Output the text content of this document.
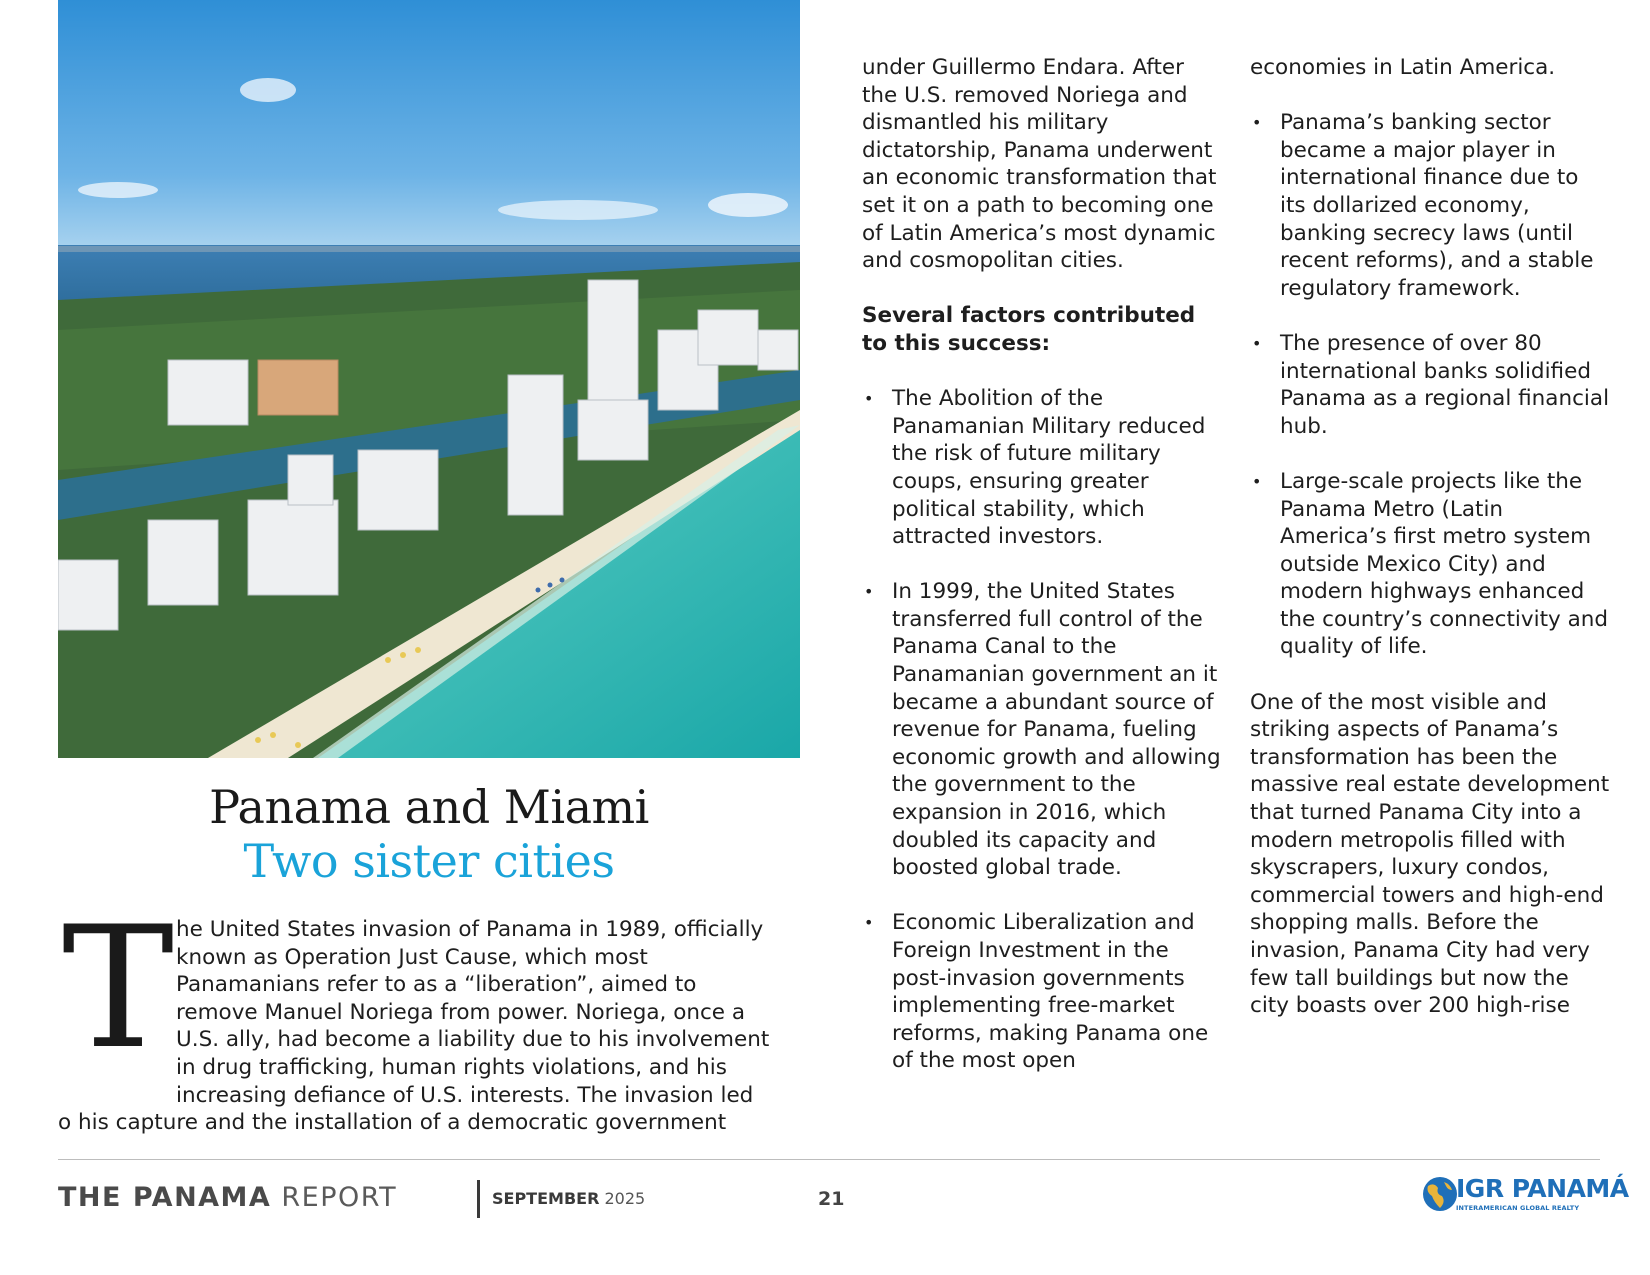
Panama and Miami
Two sister cities
T he United States invasion of Panama in 1989, officially
known as Operation Just Cause, which most
Panamanians refer to as a “liberation”, aimed to
remove Manuel Noriega from power. Noriega, once a
U.S. ally, had become a liability due to his involvement
in drug trafficking, human rights violations, and his
increasing defiance of U.S. interests. The invasion led
o his capture and the installation of a democratic government
under Guillermo Endara. After the U.S. removed Noriega and dismantled his military dictatorship, Panama underwent an economic transformation that set it on a path to becoming one of Latin America’s most dynamic and cosmopolitan cities.
Several factors contributed to this success:
• The Abolition of the Panamanian Military reduced the risk of future military coups, ensuring greater political stability, which attracted investors.
• In 1999, the United States transferred full control of the Panama Canal to the Panamanian government an it became a abundant source of revenue for Panama, fueling economic growth and allowing the government to the expansion in 2016, which doubled its capacity and boosted global trade.
• Economic Liberalization and Foreign Investment in the post-invasion governments implementing free-market reforms, making Panama one of the most open
economies in Latin America.
• Panama’s banking sector became a major player in international finance due to its dollarized economy, banking secrecy laws (until recent reforms), and a stable regulatory framework.
• The presence of over 80 international banks solidified Panama as a regional financial hub.
• Large-scale projects like the Panama Metro (Latin America’s first metro system outside Mexico City) and modern highways enhanced the country’s connectivity and quality of life.
One of the most visible and striking aspects of Panama’s transformation has been the massive real estate development that turned Panama City into a modern metropolis filled with skyscrapers, luxury condos, commercial towers and high-end shopping malls. Before the invasion, Panama City had very few tall buildings but now the city boasts over 200 high-rise
THE PANAMA REPORT	SEPTEMBER 2025	21	IGR PANAMÁ
INTERAMERICAN GLOBAL REALTY
